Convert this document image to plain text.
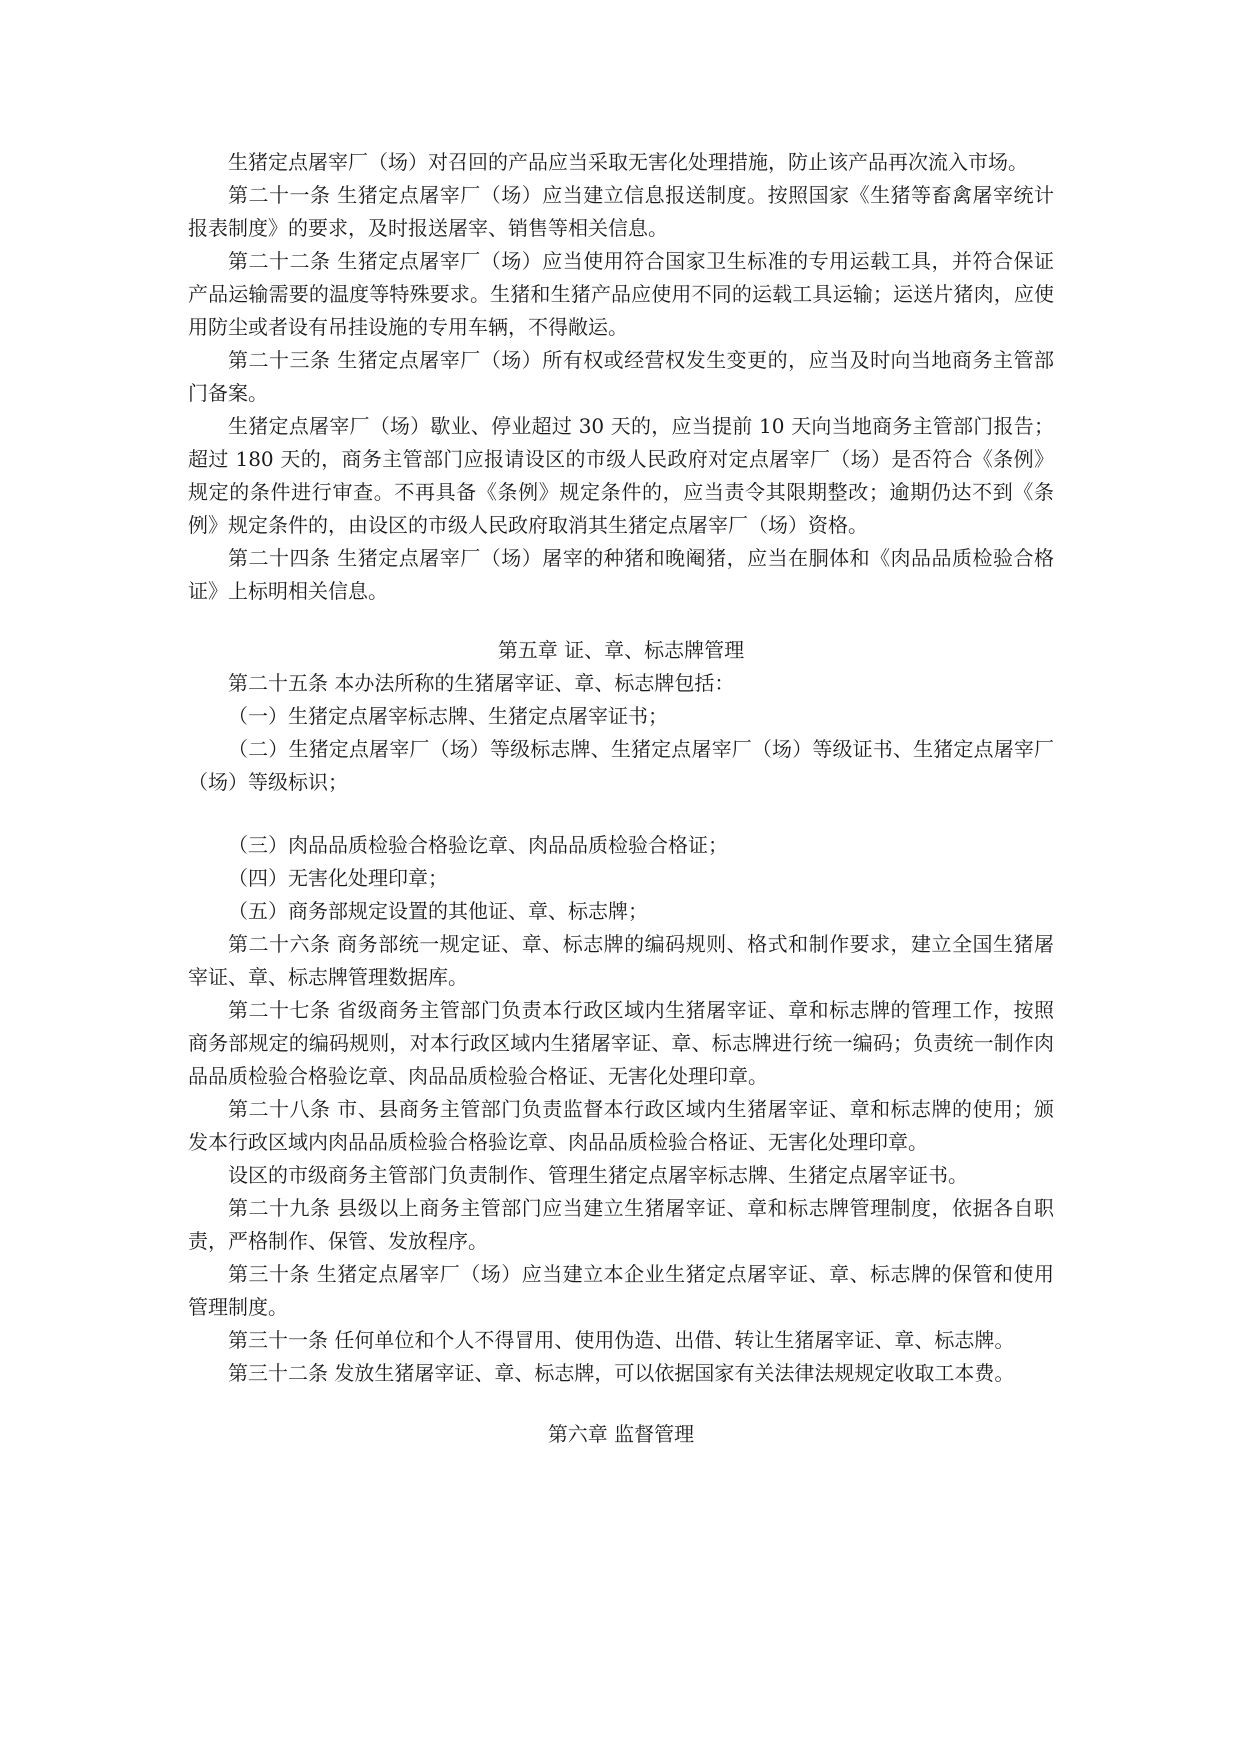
生猪定点屠宰厂（场）对召回的产品应当采取无害化处理措施，防止该产品再次流入市场。

第二十一条 生猪定点屠宰厂（场）应当建立信息报送制度。按照国家《生猪等畜禽屠宰统计报表制度》的要求，及时报送屠宰、销售等相关信息。

第二十二条 生猪定点屠宰厂（场）应当使用符合国家卫生标准的专用运载工具，并符合保证产品运输需要的温度等特殊要求。生猪和生猪产品应使用不同的运载工具运输；运送片猪肉，应使用防尘或者设有吊挂设施的专用车辆，不得敞运。

第二十三条 生猪定点屠宰厂（场）所有权或经营权发生变更的，应当及时向当地商务主管部门备案。

生猪定点屠宰厂（场）歇业、停业超过 30 天的，应当提前 10 天向当地商务主管部门报告；超过 180 天的，商务主管部门应报请设区的市级人民政府对定点屠宰厂（场）是否符合《条例》规定的条件进行审查。不再具备《条例》规定条件的，应当责令其限期整改；逾期仍达不到《条例》规定条件的，由设区的市级人民政府取消其生猪定点屠宰厂（场）资格。

第二十四条 生猪定点屠宰厂（场）屠宰的种猪和晚阉猪，应当在胴体和《肉品品质检验合格证》上标明相关信息。

第五章 证、章、标志牌管理

第二十五条 本办法所称的生猪屠宰证、章、标志牌包括：

（一）生猪定点屠宰标志牌、生猪定点屠宰证书；

（二）生猪定点屠宰厂（场）等级标志牌、生猪定点屠宰厂（场）等级证书、生猪定点屠宰厂（场）等级标识；

（三）肉品品质检验合格验讫章、肉品品质检验合格证；

（四）无害化处理印章；

（五）商务部规定设置的其他证、章、标志牌；

第二十六条 商务部统一规定证、章、标志牌的编码规则、格式和制作要求，建立全国生猪屠宰证、章、标志牌管理数据库。

第二十七条 省级商务主管部门负责本行政区域内生猪屠宰证、章和标志牌的管理工作，按照商务部规定的编码规则，对本行政区域内生猪屠宰证、章、标志牌进行统一编码；负责统一制作肉品品质检验合格验讫章、肉品品质检验合格证、无害化处理印章。

第二十八条 市、县商务主管部门负责监督本行政区域内生猪屠宰证、章和标志牌的使用；颁发本行政区域内肉品品质检验合格验讫章、肉品品质检验合格证、无害化处理印章。

设区的市级商务主管部门负责制作、管理生猪定点屠宰标志牌、生猪定点屠宰证书。

第二十九条 县级以上商务主管部门应当建立生猪屠宰证、章和标志牌管理制度，依据各自职责，严格制作、保管、发放程序。

第三十条 生猪定点屠宰厂（场）应当建立本企业生猪定点屠宰证、章、标志牌的保管和使用管理制度。

第三十一条 任何单位和个人不得冒用、使用伪造、出借、转让生猪屠宰证、章、标志牌。

第三十二条 发放生猪屠宰证、章、标志牌，可以依据国家有关法律法规规定收取工本费。

第六章 监督管理
